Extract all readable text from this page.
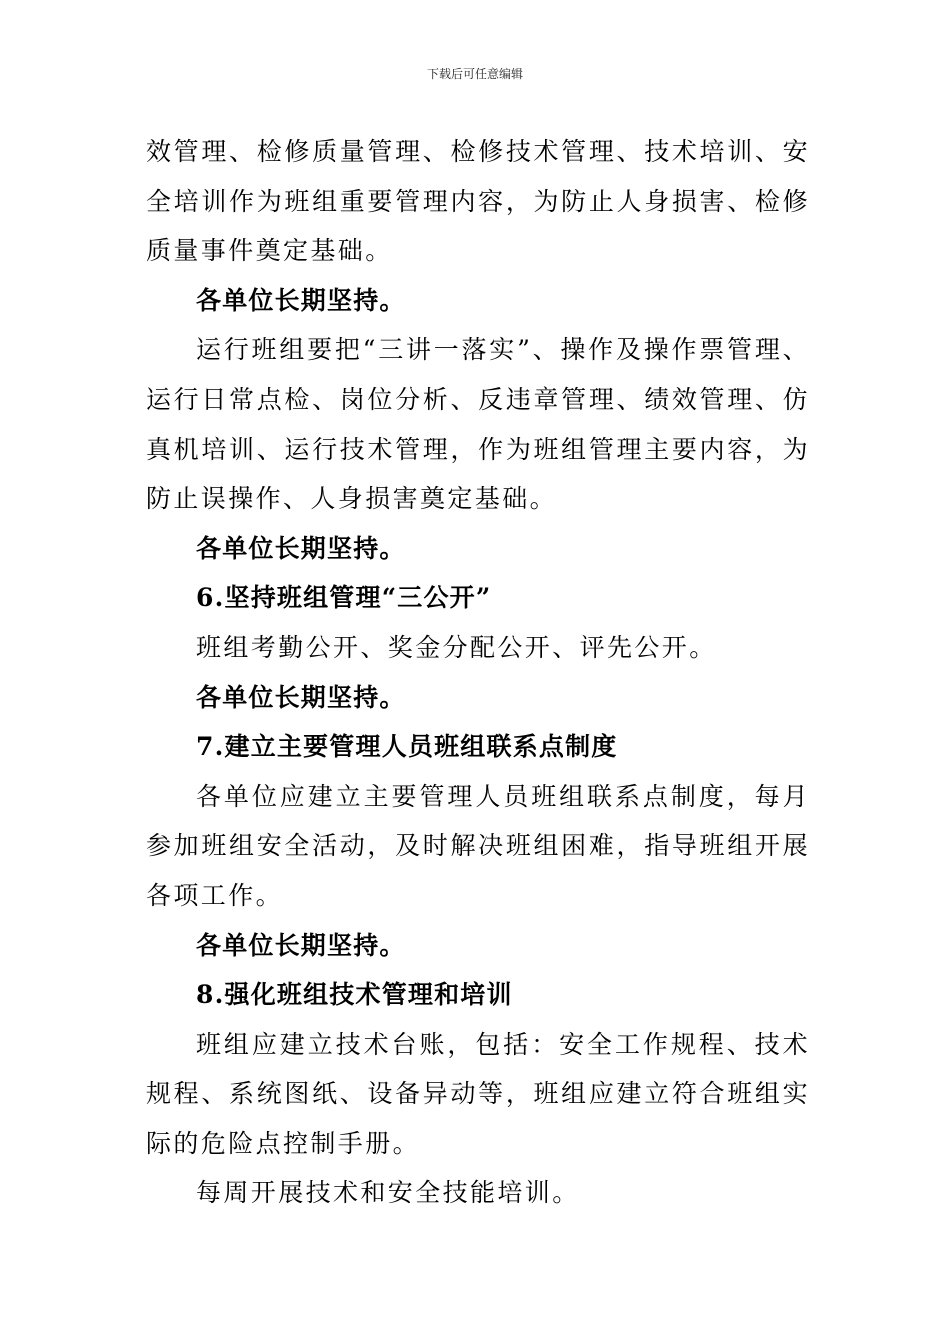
下载后可任意编辑

效管理、检修质量管理、检修技术管理、技术培训、安全培训作为班组重要管理内容，为防止人身损害、检修质量事件奠定基础。

各单位长期坚持。

运行班组要把“三讲一落实”、操作及操作票管理、运行日常点检、岗位分析、反违章管理、绩效管理、仿真机培训、运行技术管理，作为班组管理主要内容，为防止误操作、人身损害奠定基础。

各单位长期坚持。

6.坚持班组管理“三公开”

班组考勤公开、奖金分配公开、评先公开。

各单位长期坚持。

7.建立主要管理人员班组联系点制度

各单位应建立主要管理人员班组联系点制度，每月参加班组安全活动，及时解决班组困难，指导班组开展各项工作。

各单位长期坚持。

8.强化班组技术管理和培训

班组应建立技术台账，包括：安全工作规程、技术规程、系统图纸、设备异动等，班组应建立符合班组实际的危险点控制手册。

每周开展技术和安全技能培训。
